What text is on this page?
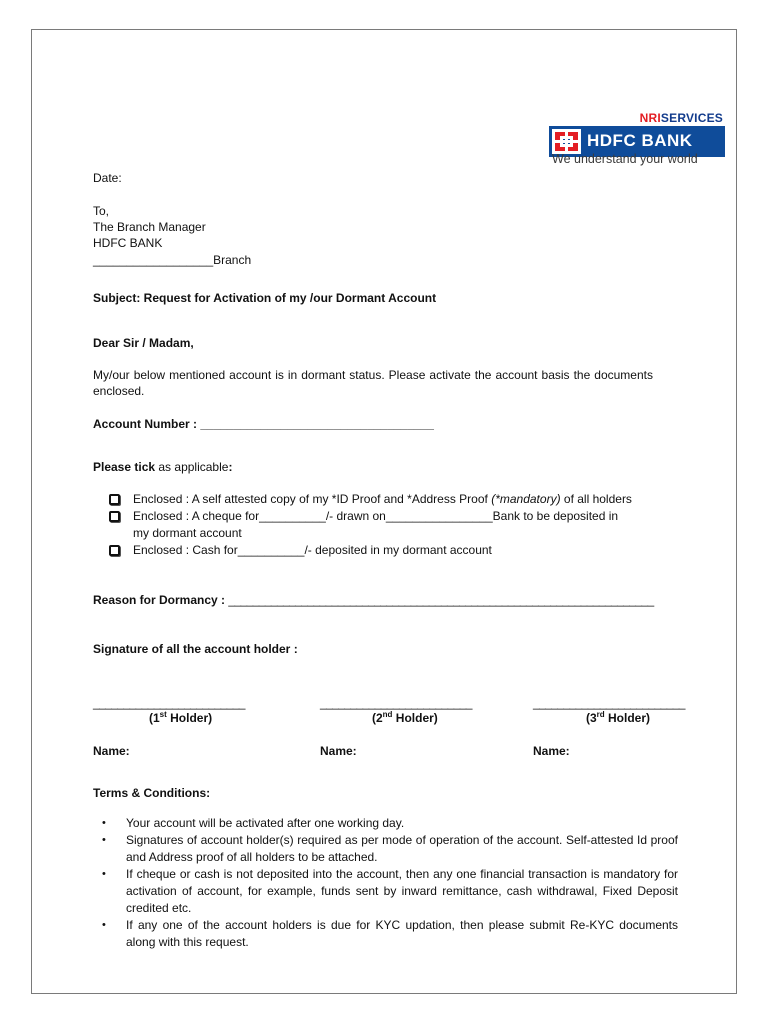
NRISERVICES
HDFC BANK
We understand your world
Date:
To,
The Branch Manager
HDFC BANK
__________________Branch
Subject: Request for Activation of my /our Dormant Account
Dear Sir / Madam,
My/our below mentioned account is in dormant status. Please activate the account basis the documents enclosed.
Account Number : ___________________________________
Please tick as applicable:
Enclosed : A self attested copy of my *ID Proof and *Address Proof (*mandatory) of all holders
Enclosed : A cheque for__________/- drawn on________________Bank to be deposited in
my dormant account
Enclosed : Cash for__________/- deposited in my dormant account
Reason for Dormancy : ______________________________________________________________________
Signature of all the account holder :
_________________________	_________________________	_________________________
(1st Holder)	(2nd Holder)	(3rd Holder)
Name:	Name:	Name:
Terms & Conditions:
• Your account will be activated after one working day.
• Signatures of account holder(s) required as per mode of operation of the account. Self-attested Id proof and Address proof of all holders to be attached.
• If cheque or cash is not deposited into the account, then any one financial transaction is mandatory for activation of account, for example, funds sent by inward remittance, cash withdrawal, Fixed Deposit credited etc.
• If any one of the account holders is due for KYC updation, then please submit Re-KYC documents along with this request.
